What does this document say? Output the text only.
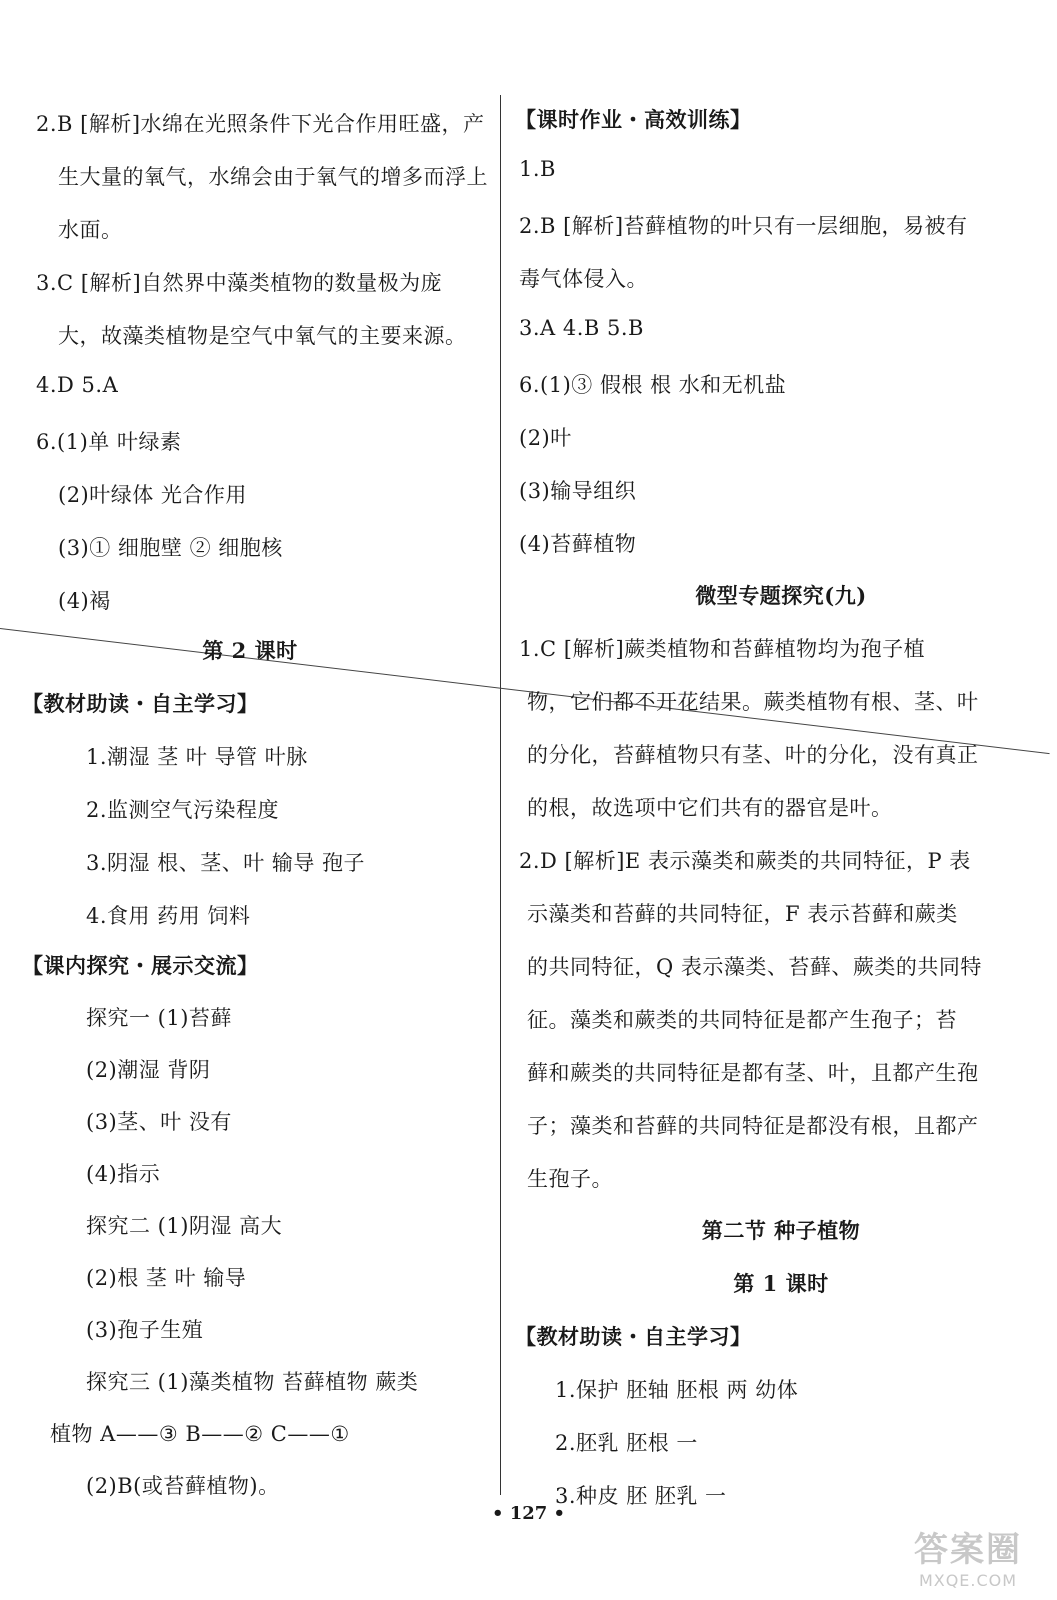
2.B [解析]水绵在光照条件下光合作用旺盛，产
生大量的氧气，水绵会由于氧气的增多而浮上
水面。
3.C [解析]自然界中藻类植物的数量极为庞
大，故藻类植物是空气中氧气的主要来源。
4.D 5.A
6.(1)单 叶绿素
(2)叶绿体 光合作用
(3)① 细胞壁 ② 细胞核
(4)褐
第 2 课时
【教材助读・自主学习】
1.潮湿 茎 叶 导管 叶脉
2.监测空气污染程度
3.阴湿 根、茎、叶 输导 孢子
4.食用 药用 饲料
【课内探究・展示交流】
探究一 (1)苔藓
(2)潮湿 背阴
(3)茎、叶 没有
(4)指示
探究二 (1)阴湿 高大
(2)根 茎 叶 输导
(3)孢子生殖
探究三 (1)藻类植物 苔藓植物 蕨类
植物 A——③ B——② C——①
(2)B(或苔藓植物)。
【课时作业・高效训练】
1.B
2.B [解析]苔藓植物的叶只有一层细胞，易被有
毒气体侵入。
3.A 4.B 5.B
6.(1)③ 假根 根 水和无机盐
(2)叶
(3)输导组织
(4)苔藓植物
微型专题探究(九)
1.C [解析]蕨类植物和苔藓植物均为孢子植
物，它们都不开花结果。蕨类植物有根、茎、叶
的分化，苔藓植物只有茎、叶的分化，没有真正
的根，故选项中它们共有的器官是叶。
2.D [解析]E 表示藻类和蕨类的共同特征，P 表
示藻类和苔藓的共同特征，F 表示苔藓和蕨类
的共同特征，Q 表示藻类、苔藓、蕨类的共同特
征。藻类和蕨类的共同特征是都产生孢子；苔
藓和蕨类的共同特征是都有茎、叶，且都产生孢
子；藻类和苔藓的共同特征是都没有根，且都产
生孢子。
第二节 种子植物
第 1 课时
【教材助读・自主学习】
1.保护 胚轴 胚根 两 幼体
2.胚乳 胚根 一
3.种皮 胚 胚乳 一
• 127 •
答案圈
MXQE.COM
